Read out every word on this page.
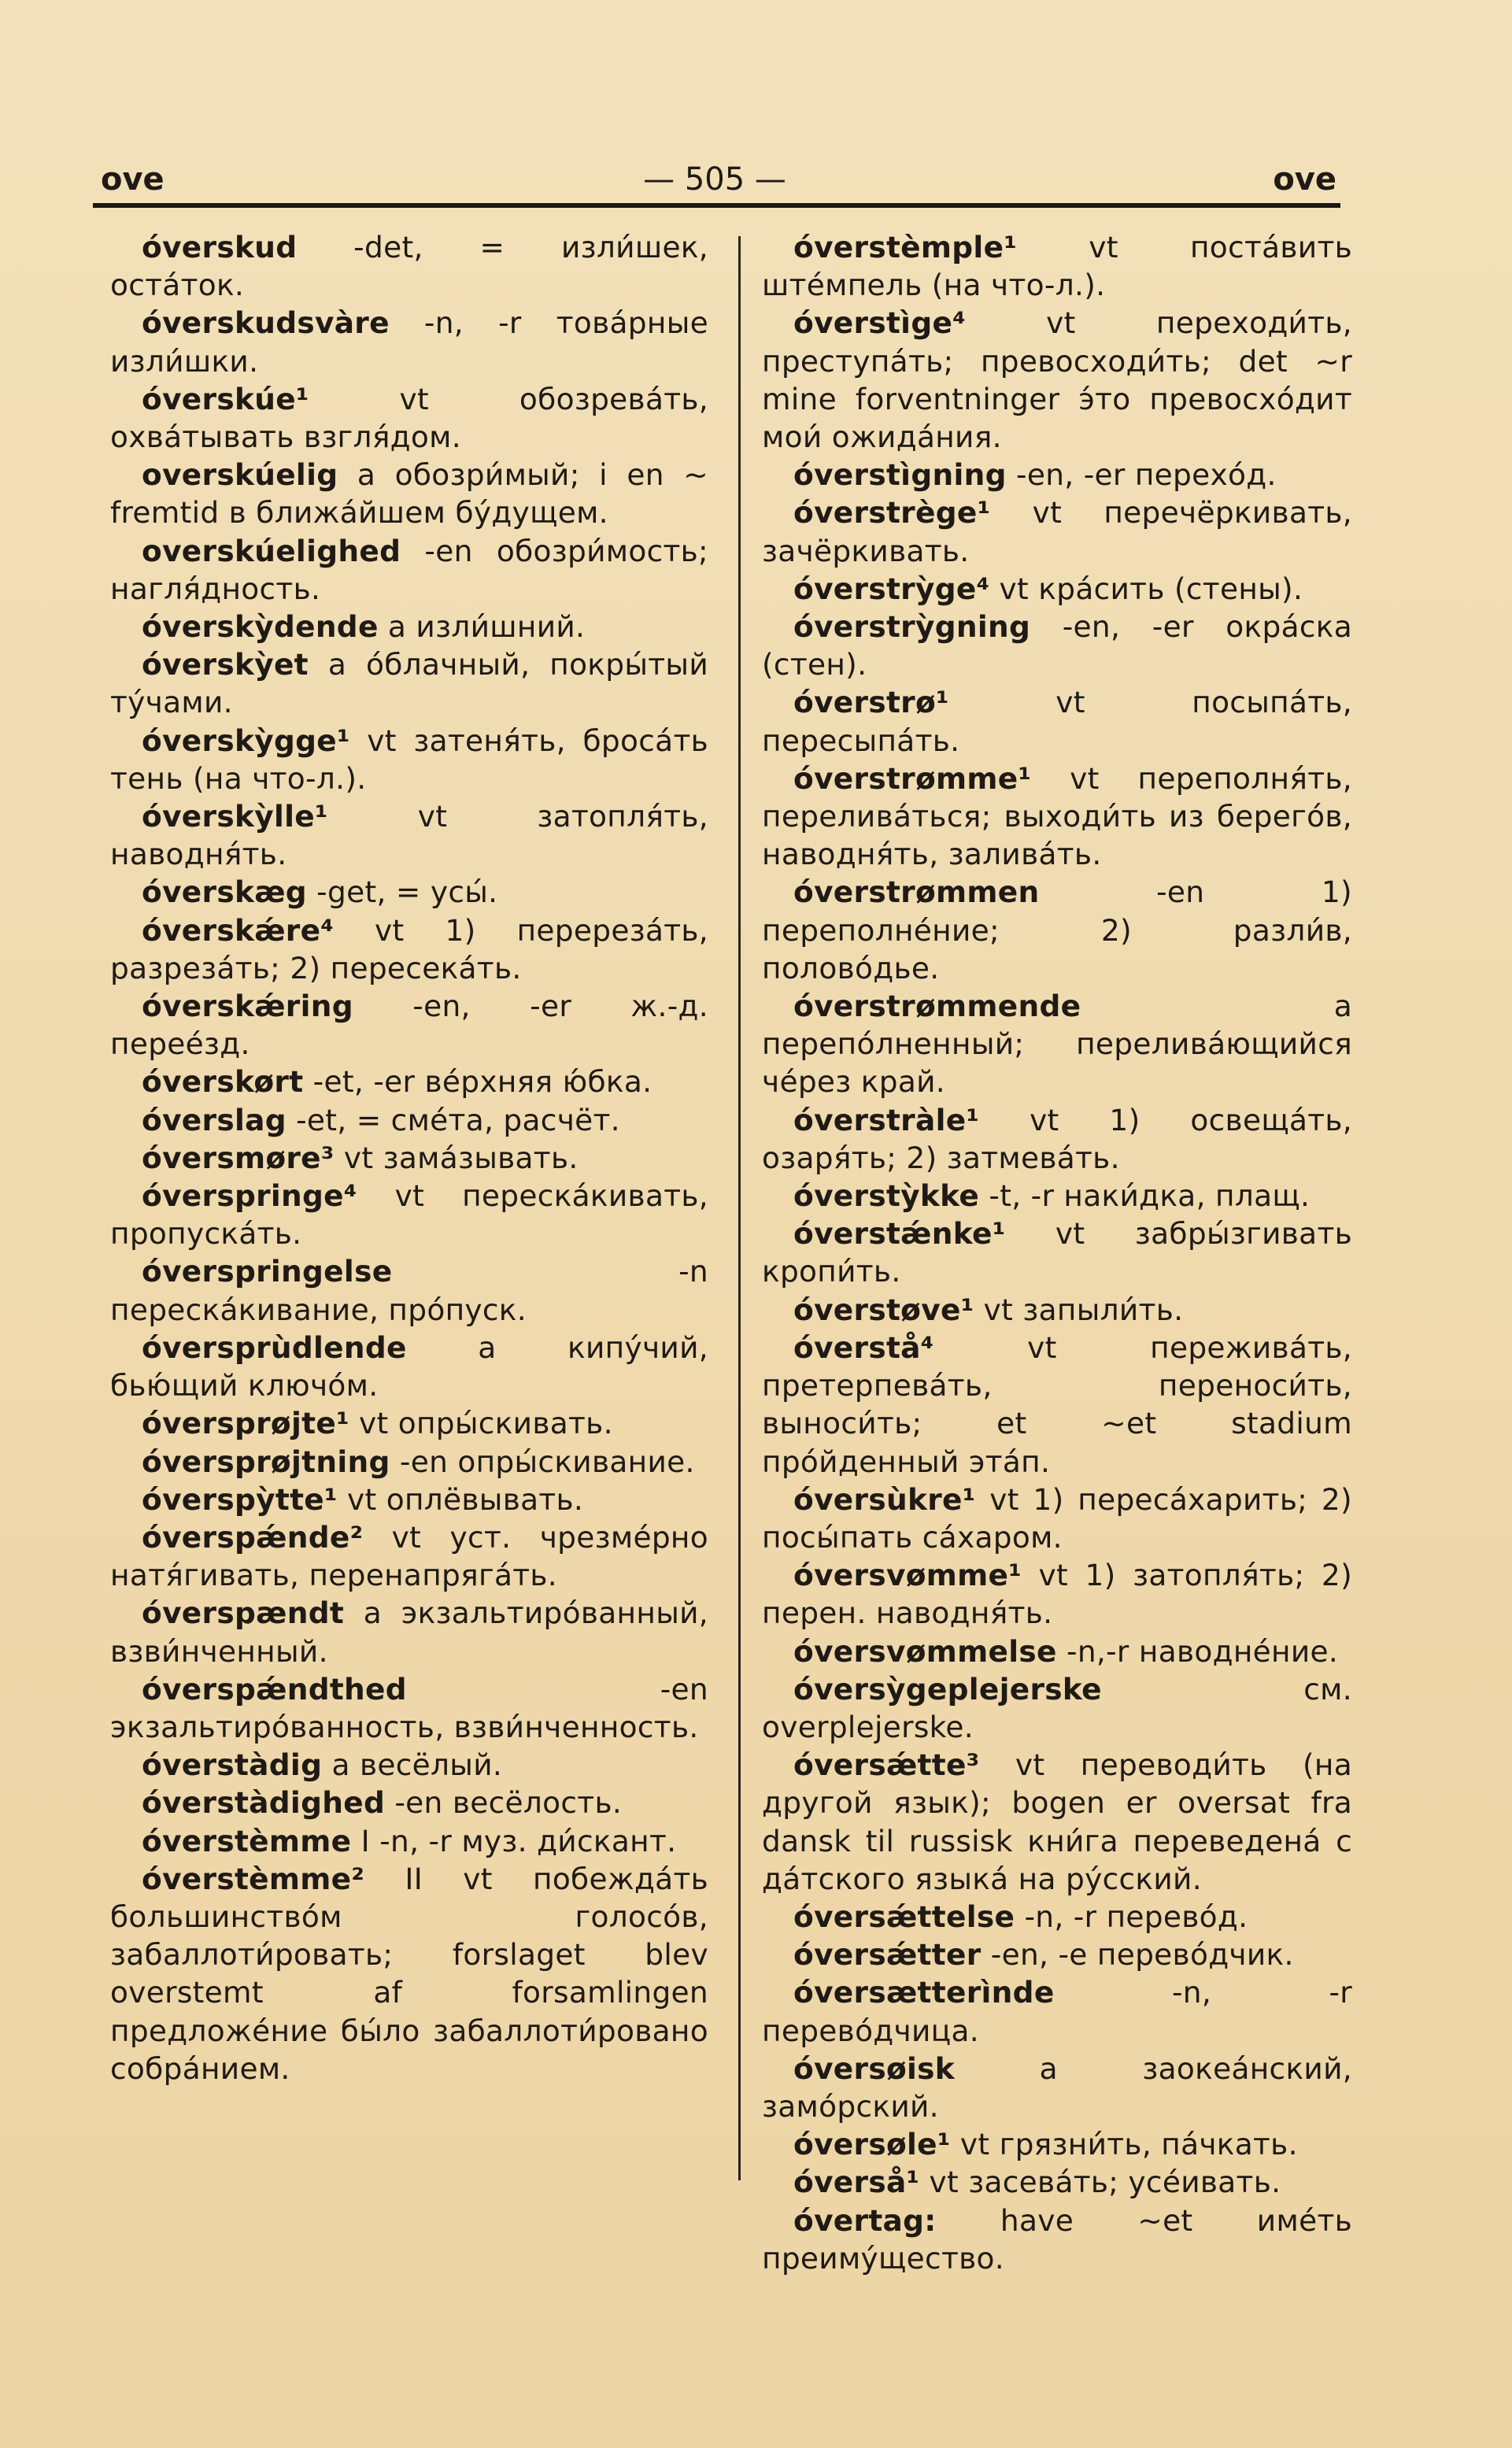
ove	— 505 —	ove

óverskud -det, = изли́шек, оста́ток.

óverskudsvàre -n, -r това́рные изли́шки.

óverskúe¹ vt обозрева́ть, охва́тывать взгля́дом.

overskúelig a обозри́мый; i en ~ fremtid в ближа́йшем бу́дущем.

overskúelighed -en обозри́мость; нагля́дность.

óverskỳdende a изли́шний.

óverskỳet a о́блачный, покры́тый ту́чами.

óverskỳgge¹ vt затеня́ть, броса́ть тень (на что-л.).

óverskỳlle¹ vt затопля́ть, наводня́ть.

óverskæg -get, = усы́.

óverskǽre⁴ vt 1) перереза́ть, разреза́ть; 2) пересека́ть.

óverskǽring -en, -er ж.-д. перее́зд.

óverskørt -et, -er ве́рхняя ю́бка.

óverslag -et, = сме́та, расчёт.

óversmøre³ vt зама́зывать.

óverspringe⁴ vt переска́кивать, пропуска́ть.

óverspringelse -n переска́кивание, про́пуск.

óversprùdlende a кипу́чий, бью́щий ключо́м.

óversprøjte¹ vt опры́скивать.

óversprøjtning -en опры́скивание.

óverspỳtte¹ vt оплёвывать.

óverspǽnde² vt уст. чрезме́рно натя́гивать, перенапряга́ть.

óverspændt a экзальтиро́ванный, взви́нченный.

óverspǽndthed -en экзальтиро́ванность, взви́нченность.

óverstàdig a весёлый.

óverstàdighed -en весёлость.

óverstèmme I -n, -r муз. ди́скант.

óverstèmme² II vt побежда́ть большинство́м голосо́в, забаллоти́ровать; forslaget blev overstemt af forsamlingen предложе́ние бы́ло забаллоти́ровано собра́нием.

óverstèmple¹ vt поста́вить штéмпель (на что-л.).

óverstìge⁴ vt переходи́ть, преступа́ть; превосходи́ть; det ~r mine forventninger э́то превосхо́дит мои́ ожида́ния.

óverstìgning -en, -er перехо́д.

óverstrège¹ vt перечёркивать, зачёркивать.

óverstrỳge⁴ vt кра́сить (стены).

óverstrỳgning -en, -er окра́ска (стен).

óverstrø¹ vt посыпа́ть, пересыпа́ть.

óverstrømme¹ vt переполня́ть, перелива́ться; выходи́ть из берего́в, наводня́ть, залива́ть.

óverstrømmen -en 1) переполне́ние; 2) разли́в, полово́дье.

óverstrømmende a перепо́лненный; перелива́ющийся че́рез край.

óverstràle¹ vt 1) освеща́ть, озаря́ть; 2) затмева́ть.

óverstỳkke -t, -r наки́дка, плащ.

óverstǽnke¹ vt забры́згивать кропи́ть.

óverstøve¹ vt запыли́ть.

óverstå⁴ vt пережива́ть, претерпева́ть, переноси́ть, выноси́ть; et ~et stadium про́йденный эта́п.

óversùkre¹ vt 1) переса́харить; 2) посы́пать са́харом.

óversvømme¹ vt 1) затопля́ть; 2) перен. наводня́ть.

óversvømmelse -n,-r наводне́ние.

óversỳgeplejerske см. overplejerske.

óversǽtte³ vt переводи́ть (на другой язык); bogen er oversat fra dansk til russisk кни́га переведена́ с да́тского языка́ на ру́сский.

óversǽttelse -n, -r перево́д.

óversǽtter -en, -e перево́дчик.

óversætterìnde -n, -r перево́дчица.

óversøisk a заокеа́нский, замо́рский.

óversøle¹ vt грязни́ть, па́чкать.

óverså¹ vt засева́ть; усе́ивать.

óvertag: have ~et име́ть преиму́щество.
